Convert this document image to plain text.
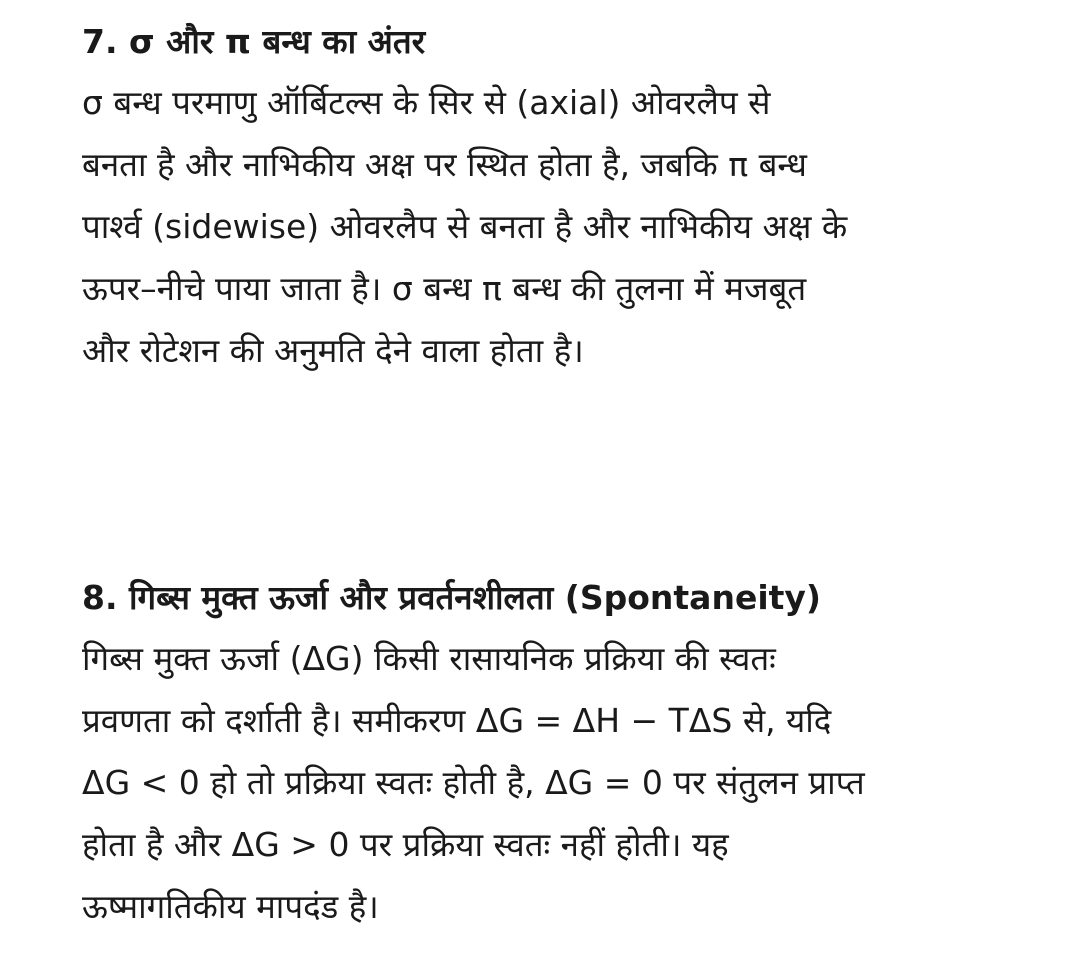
7. σ और π बन्ध का अंतर

σ बन्ध परमाणु ऑर्बिटल्स के सिर से (axial) ओवरलैप से

बनता है और नाभिकीय अक्ष पर स्थित होता है, जबकि π बन्ध

पार्श्व (sidewise) ओवरलैप से बनता है और नाभिकीय अक्ष के

ऊपर–नीचे पाया जाता है। σ बन्ध π बन्ध की तुलना में मजबूत

और रोटेशन की अनुमति देने वाला होता है।

8. गिब्स मुक्त ऊर्जा और प्रवर्तनशीलता (Spontaneity)

गिब्स मुक्त ऊर्जा (ΔG) किसी रासायनिक प्रक्रिया की स्वतः

प्रवणता को दर्शाती है। समीकरण ΔG = ΔH − TΔS से, यदि

ΔG < 0 हो तो प्रक्रिया स्वतः होती है, ΔG = 0 पर संतुलन प्राप्त

होता है और ΔG > 0 पर प्रक्रिया स्वतः नहीं होती। यह

ऊष्मागतिकीय मापदंड है।
